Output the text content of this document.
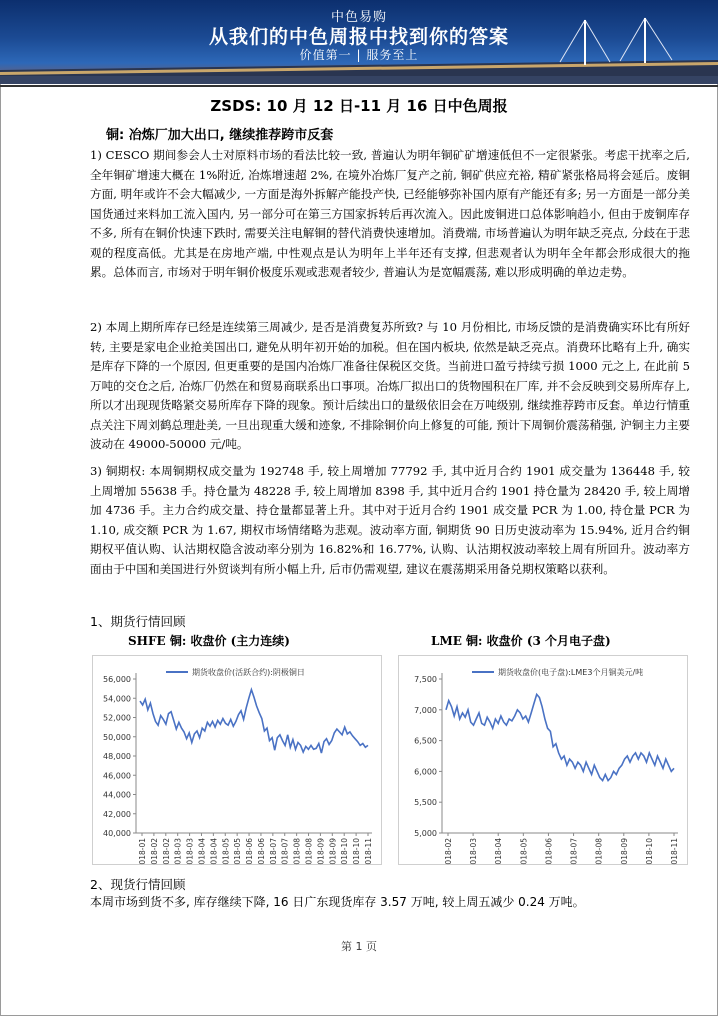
中色易购
从我们的中色周报中找到你的答案
价值第一 | 服务至上
ZSDS: 10 月 12 日-11 月 16 日中色周报
铜: 冶炼厂加大出口, 继续推荐跨市反套

1) CESCO 期间参会人士对原料市场的看法比较一致, 普遍认为明年铜矿矿增速低但不一定很紧张。考虑干扰率之后, 全年铜矿增速大概在 1%附近, 冶炼增速超 2%, 在境外冶炼厂复产之前, 铜矿供应充裕, 精矿紧张格局将会延后。废铜方面, 明年或许不会大幅减少, 一方面是海外拆解产能投产快, 已经能够弥补国内原有产能还有多; 另一方面是一部分美国货通过来料加工流入国内, 另一部分可在第三方国家拆转后再次流入。因此废铜进口总体影响趋小, 但由于废铜库存不多, 所有在铜价快速下跌时, 需要关注电解铜的替代消费快速增加。消费端, 市场普遍认为明年缺乏亮点, 分歧在于悲观的程度高低。尤其是在房地产端, 中性观点是认为明年上半年还有支撑, 但悲观者认为明年全年都会形成很大的拖累。总体而言, 市场对于明年铜价极度乐观或悲观者较少, 普遍认为是宽幅震荡, 难以形成明确的单边走势。

2) 本周上期所库存已经是连续第三周减少, 是否是消费复苏所致? 与 10 月份相比, 市场反馈的是消费确实环比有所好转, 主要是家电企业抢美国出口, 避免从明年初开始的加税。但在国内板块, 依然是缺乏亮点。消费环比略有上升, 确实是库存下降的一个原因, 但更重要的是国内冶炼厂准备往保税区交货。当前进口盈亏持续亏损 1000 元之上, 在此前 5 万吨的交仓之后, 冶炼厂仍然在和贸易商联系出口事项。冶炼厂拟出口的货物囤积在厂库, 并不会反映到交易所库存上, 所以才出现现货略紧交易所库存下降的现象。预计后续出口的量级依旧会在万吨级别, 继续推荐跨市反套。单边行情重点关注下周刘鹤总理赴美, 一旦出现重大缓和迹象, 不排除铜价向上修复的可能, 预计下周铜价震荡稍强, 沪铜主力主要波动在 49000-50000 元/吨。

3) 铜期权: 本周铜期权成交量为 192748 手, 较上周增加 77792 手, 其中近月合约 1901 成交量为 136448 手, 较上周增加 55638 手。持仓量为 48228 手, 较上周增加 8398 手, 其中近月合约 1901 持仓量为 28420 手, 较上周增加 4736 手。主力合约成交量、持仓量都显著上升。其中对于近月合约 1901 成交量 PCR 为 1.00, 持仓量 PCR 为 1.10, 成交额 PCR 为 1.67, 期权市场情绪略为悲观。波动率方面, 铜期货 90 日历史波动率为 15.94%, 近月合约铜期权平值认购、认沽期权隐含波动率分别为 16.82%和 16.77%, 认购、认沽期权波动率较上周有所回升。波动率方面由于中国和美国进行外贸谈判有所小幅上升, 后市仍需观望, 建议在震荡期采用备兑期权策略以获利。

1、期货行情回顾
SHFE 铜: 收盘价 (主力连续)	LME 铜: 收盘价 (3 个月电子盘)
期货收盘价(活跃合约):阴极铜日
40,000
42,000
44,000
46,000
48,000
50,000
52,000
54,000
56,000
2018-01 2018-02 2018-02 2018-03 2018-03 2018-04 2018-04 2018-05 2018-05 2018-06 2018-06 2018-07 2018-07 2018-08 2018-08 2018-09 2018-09 2018-10 2018-10 2018-11
期货收盘价(电子盘):LME3个月铜美元/吨
5,000
5,500
6,000
6,500
7,000
7,500
2018-02 2018-03 2018-04 2018-05 2018-06 2018-07 2018-08 2018-09 2018-10 2018-11
2、现货行情回顾
本周市场到货不多, 库存继续下降, 16 日广东现货库存 3.57 万吨, 较上周五减少 0.24 万吨。
第 1 页
